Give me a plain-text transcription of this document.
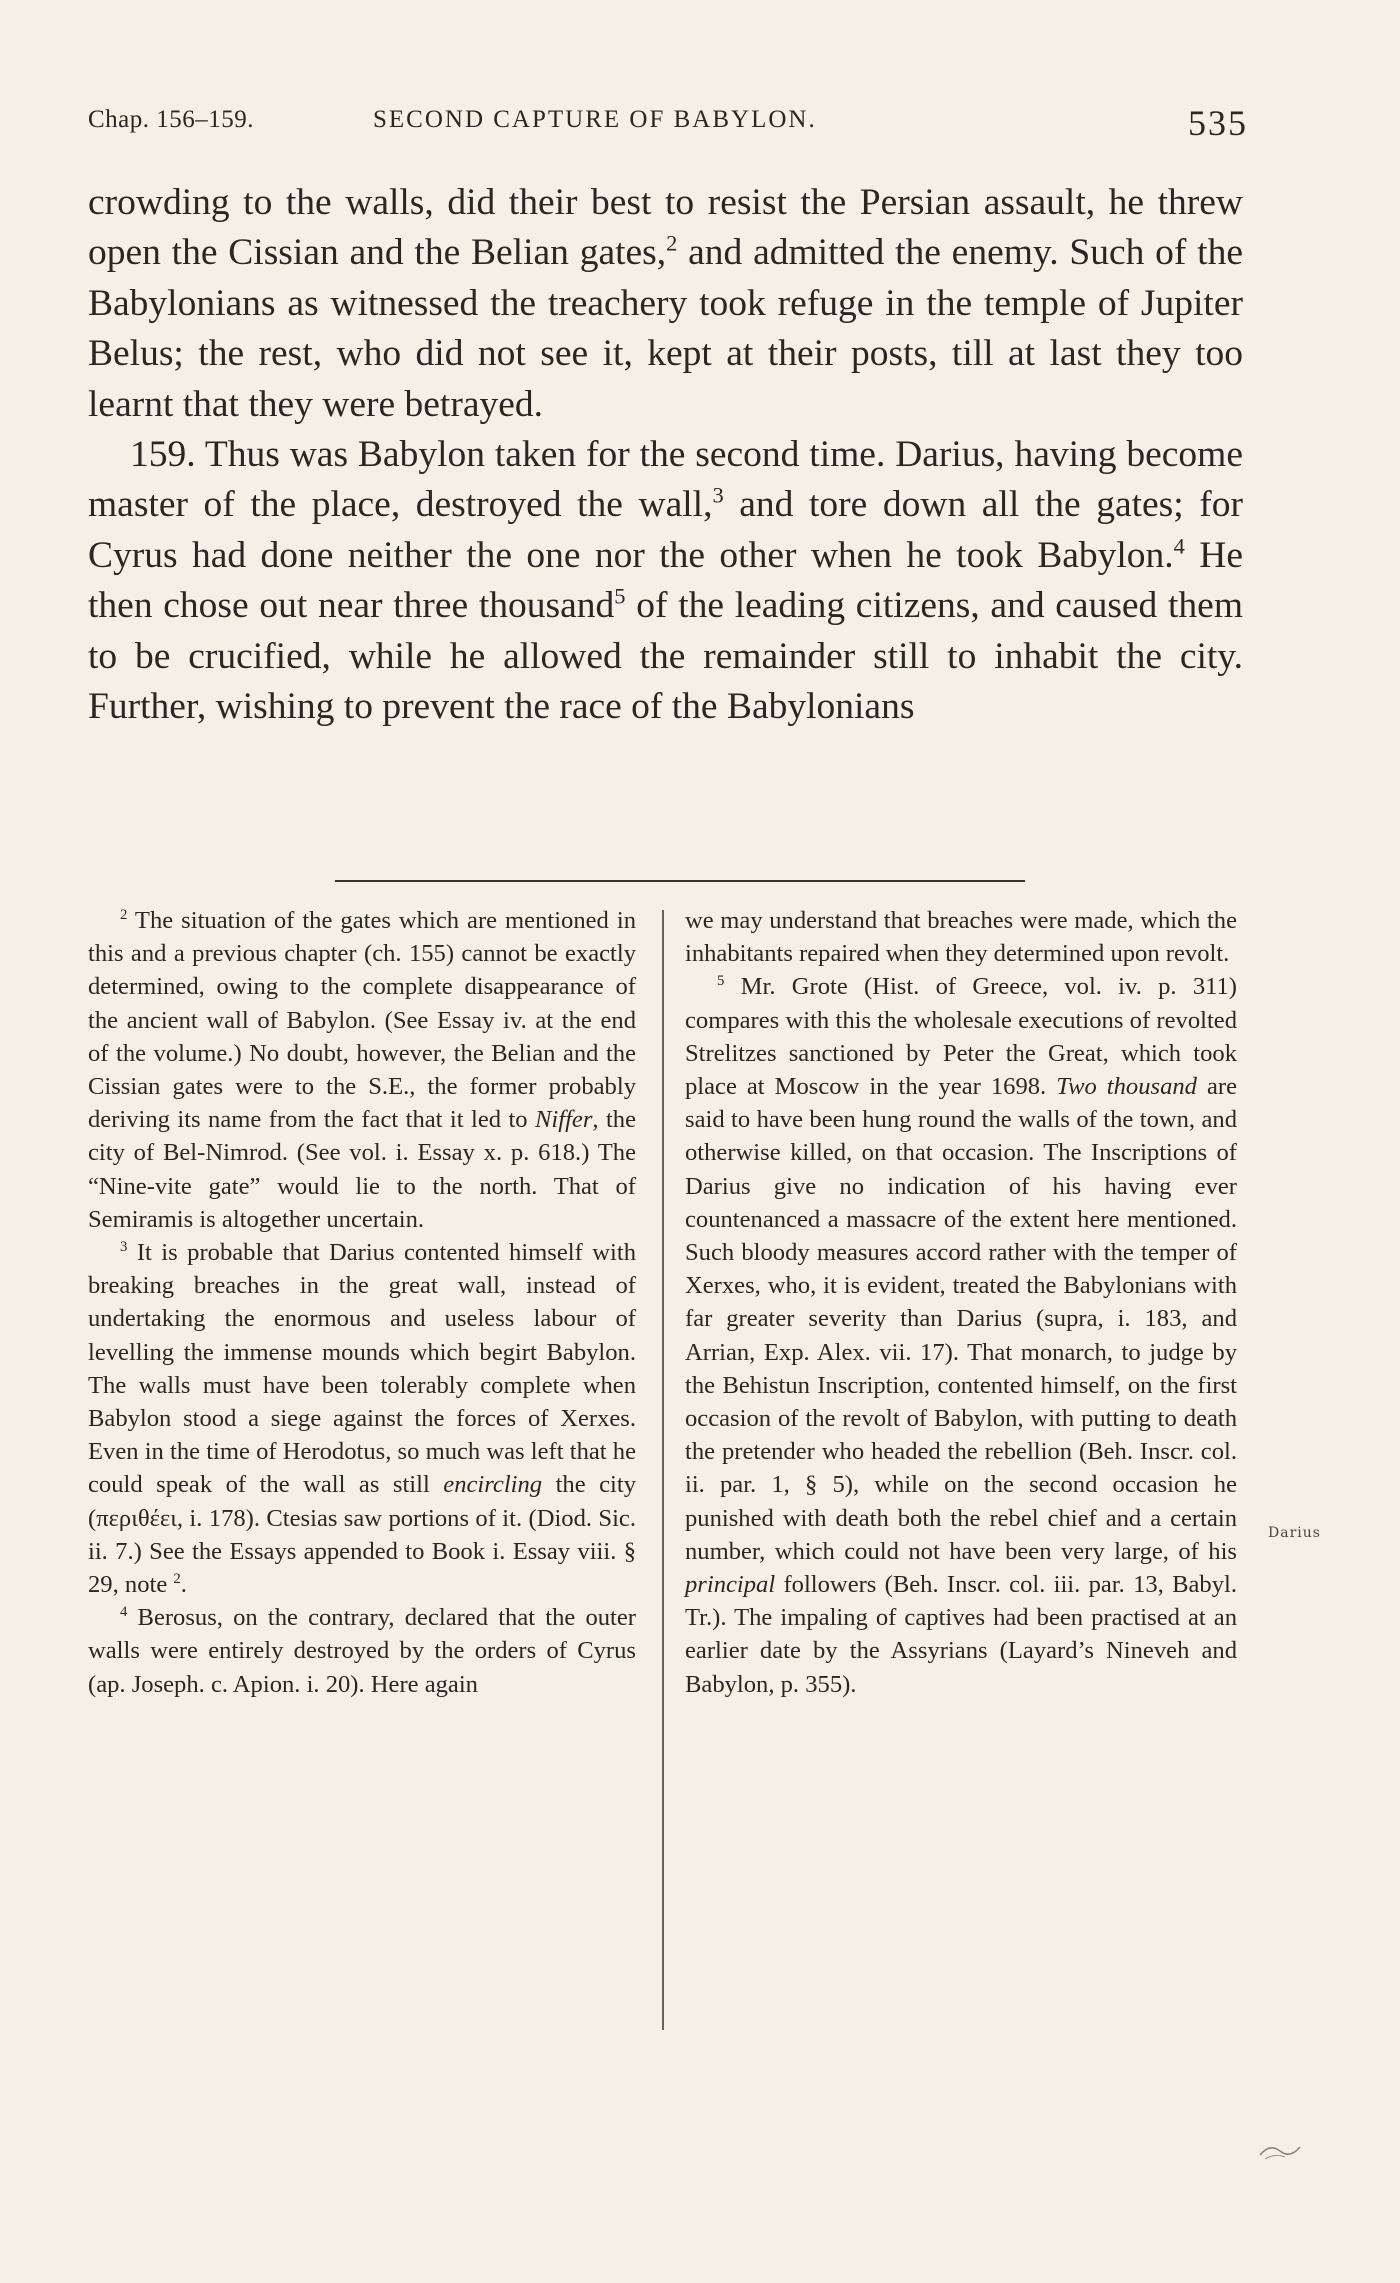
Chap. 156–159.	SECOND CAPTURE OF BABYLON.	535

crowding to the walls, did their best to resist the Persian assault, he threw open the Cissian and the Belian gates,$^2$ and admitted the enemy. Such of the Babylonians as witnessed the treachery took refuge in the temple of Jupiter Belus; the rest, who did not see it, kept at their posts, till at last they too learnt that they were betrayed.

159. Thus was Babylon taken for the second time. Darius, having become master of the place, destroyed the wall,$^3$ and tore down all the gates; for Cyrus had done neither the one nor the other when he took Babylon.$^4$ He then chose out near three thousand$^5$ of the leading citizens, and caused them to be crucified, while he allowed the remainder still to inhabit the city. Further, wishing to prevent the race of the Babylonians

$^2$ The situation of the gates which are mentioned in this and a previous chapter (ch. 155) cannot be exactly determined, owing to the complete disappearance of the ancient wall of Babylon. (See Essay iv. at the end of the volume.) No doubt, however, the Belian and the Cissian gates were to the S.E., the former probably deriving its name from the fact that it led to Niffer, the city of Bel-Nimrod. (See vol. i. Essay x. p. 618.) The “Nine-vite gate” would lie to the north. That of Semiramis is altogether uncertain.

$^3$ It is probable that Darius contented himself with breaking breaches in the great wall, instead of undertaking the enormous and useless labour of levelling the immense mounds which begirt Babylon. The walls must have been tolerably complete when Babylon stood a siege against the forces of Xerxes. Even in the time of Herodotus, so much was left that he could speak of the wall as still encircling the city (περιθέει, i. 178). Ctesias saw portions of it. (Diod. Sic. ii. 7.) See the Essays appended to Book i. Essay viii. § 29, note $^2$.

$^4$ Berosus, on the contrary, declared that the outer walls were entirely destroyed by the orders of Cyrus (ap. Joseph. c. Apion. i. 20). Here again

we may understand that breaches were made, which the inhabitants repaired when they determined upon revolt.

$^5$ Mr. Grote (Hist. of Greece, vol. iv. p. 311) compares with this the wholesale executions of revolted Strelitzes sanctioned by Peter the Great, which took place at Moscow in the year 1698. Two thousand are said to have been hung round the walls of the town, and otherwise killed, on that occasion. The Inscriptions of Darius give no indication of his having ever countenanced a massacre of the extent here mentioned. Such bloody measures accord rather with the temper of Xerxes, who, it is evident, treated the Babylonians with far greater severity than Darius (supra, i. 183, and Arrian, Exp. Alex. vii. 17). That monarch, to judge by the Behistun Inscription, contented himself, on the first occasion of the revolt of Babylon, with putting to death the pretender who headed the rebellion (Beh. Inscr. col. ii. par. 1, § 5), while on the second occasion he punished with death both the rebel chief and a certain number, which could not have been very large, of his principal followers (Beh. Inscr. col. iii. par. 13, Babyl. Tr.). The impaling of captives had been practised at an earlier date by the Assyrians (Layard’s Nineveh and Babylon, p. 355).

Darius
